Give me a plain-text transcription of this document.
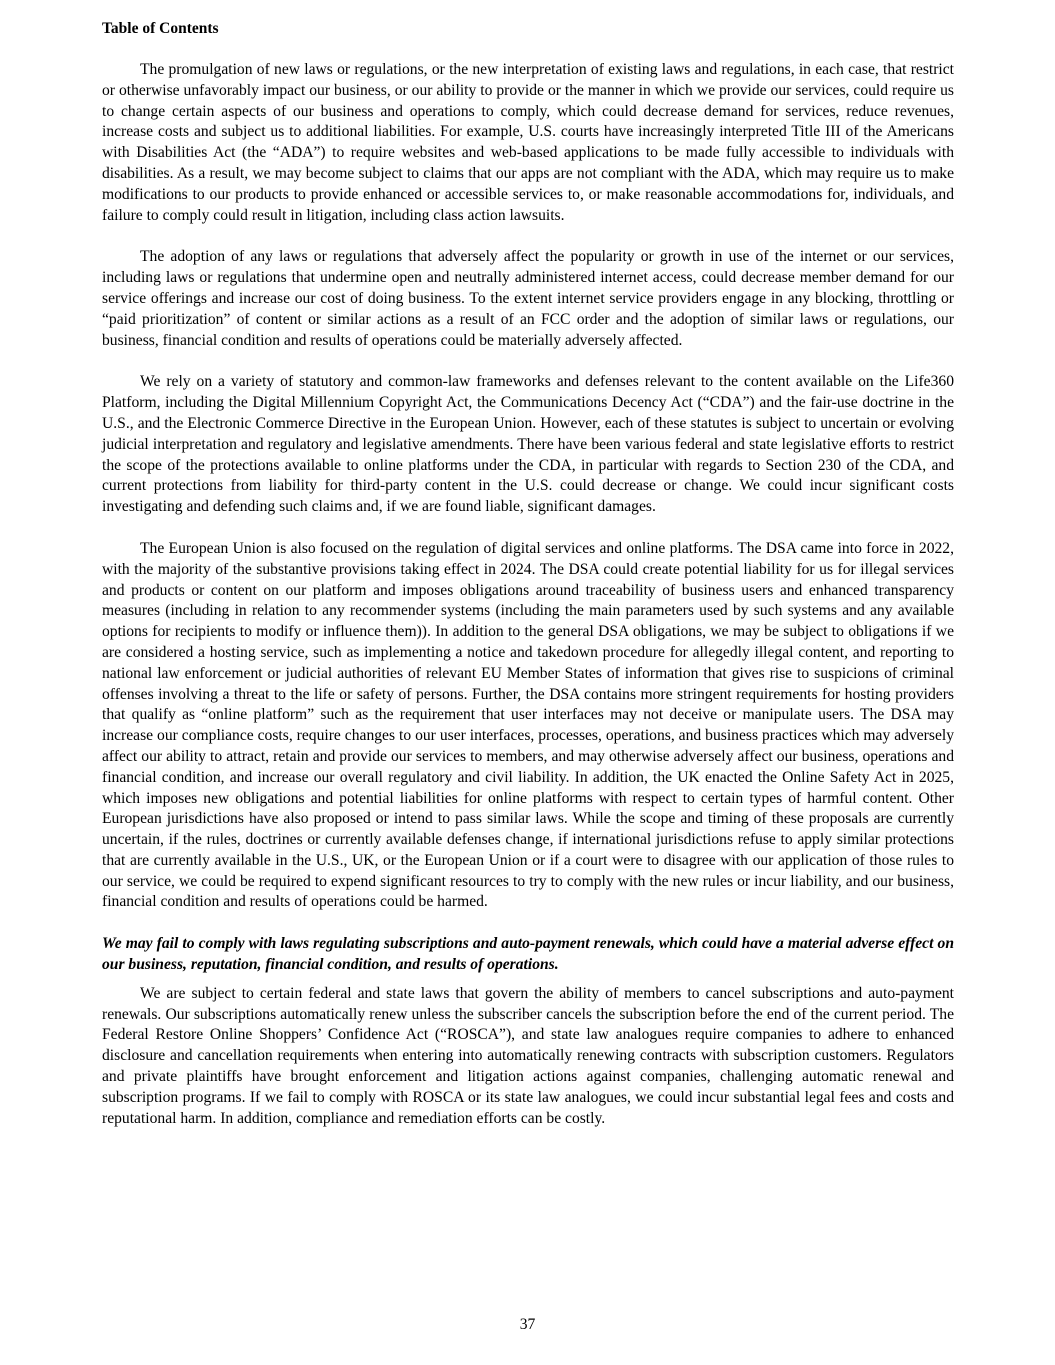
Table of Contents

The promulgation of new laws or regulations, or the new interpretation of existing laws and regulations, in each case, that restrict or otherwise unfavorably impact our business, or our ability to provide or the manner in which we provide our services, could require us to change certain aspects of our business and operations to comply, which could decrease demand for services, reduce revenues, increase costs and subject us to additional liabilities. For example, U.S. courts have increasingly interpreted Title III of the Americans with Disabilities Act (the “ADA”) to require websites and web-based applications to be made fully accessible to individuals with disabilities. As a result, we may become subject to claims that our apps are not compliant with the ADA, which may require us to make modifications to our products to provide enhanced or accessible services to, or make reasonable accommodations for, individuals, and failure to comply could result in litigation, including class action lawsuits.

The adoption of any laws or regulations that adversely affect the popularity or growth in use of the internet or our services, including laws or regulations that undermine open and neutrally administered internet access, could decrease member demand for our service offerings and increase our cost of doing business. To the extent internet service providers engage in any blocking, throttling or “paid prioritization” of content or similar actions as a result of an FCC order and the adoption of similar laws or regulations, our business, financial condition and results of operations could be materially adversely affected.

We rely on a variety of statutory and common-law frameworks and defenses relevant to the content available on the Life360 Platform, including the Digital Millennium Copyright Act, the Communications Decency Act (“CDA”) and the fair-use doctrine in the U.S., and the Electronic Commerce Directive in the European Union. However, each of these statutes is subject to uncertain or evolving judicial interpretation and regulatory and legislative amendments. There have been various federal and state legislative efforts to restrict the scope of the protections available to online platforms under the CDA, in particular with regards to Section 230 of the CDA, and current protections from liability for third-party content in the U.S. could decrease or change. We could incur significant costs investigating and defending such claims and, if we are found liable, significant damages.

The European Union is also focused on the regulation of digital services and online platforms. The DSA came into force in 2022, with the majority of the substantive provisions taking effect in 2024. The DSA could create potential liability for us for illegal services and products or content on our platform and imposes obligations around traceability of business users and enhanced transparency measures (including in relation to any recommender systems (including the main parameters used by such systems and any available options for recipients to modify or influence them)). In addition to the general DSA obligations, we may be subject to obligations if we are considered a hosting service, such as implementing a notice and takedown procedure for allegedly illegal content, and reporting to national law enforcement or judicial authorities of relevant EU Member States of information that gives rise to suspicions of criminal offenses involving a threat to the life or safety of persons. Further, the DSA contains more stringent requirements for hosting providers that qualify as “online platform” such as the requirement that user interfaces may not deceive or manipulate users. The DSA may increase our compliance costs, require changes to our user interfaces, processes, operations, and business practices which may adversely affect our ability to attract, retain and provide our services to members, and may otherwise adversely affect our business, operations and financial condition, and increase our overall regulatory and civil liability. In addition, the UK enacted the Online Safety Act in 2025, which imposes new obligations and potential liabilities for online platforms with respect to certain types of harmful content. Other European jurisdictions have also proposed or intend to pass similar laws. While the scope and timing of these proposals are currently uncertain, if the rules, doctrines or currently available defenses change, if international jurisdictions refuse to apply similar protections that are currently available in the U.S., UK, or the European Union or if a court were to disagree with our application of those rules to our service, we could be required to expend significant resources to try to comply with the new rules or incur liability, and our business, financial condition and results of operations could be harmed.

We may fail to comply with laws regulating subscriptions and auto-payment renewals, which could have a material adverse effect on our business, reputation, financial condition, and results of operations.

We are subject to certain federal and state laws that govern the ability of members to cancel subscriptions and auto-payment renewals. Our subscriptions automatically renew unless the subscriber cancels the subscription before the end of the current period. The Federal Restore Online Shoppers’ Confidence Act (“ROSCA”), and state law analogues require companies to adhere to enhanced disclosure and cancellation requirements when entering into automatically renewing contracts with subscription customers. Regulators and private plaintiffs have brought enforcement and litigation actions against companies, challenging automatic renewal and subscription programs. If we fail to comply with ROSCA or its state law analogues, we could incur substantial legal fees and costs and reputational harm. In addition, compliance and remediation efforts can be costly.

37
